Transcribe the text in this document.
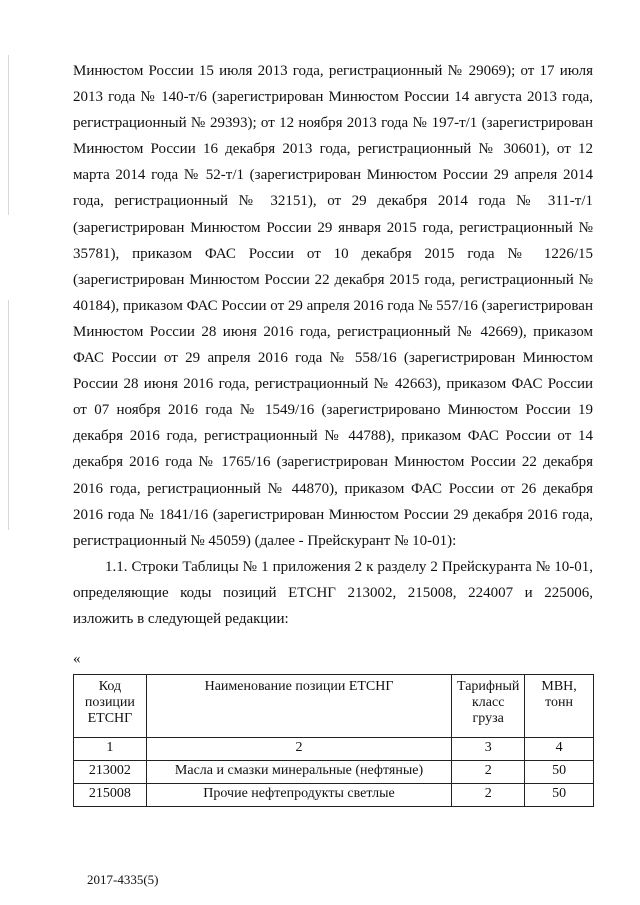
Минюстом России 15 июля 2013 года, регистрационный № 29069); от 17 июля 2013 года № 140-т/6 (зарегистрирован Минюстом России 14 августа 2013 года, регистрационный № 29393); от 12 ноября 2013 года № 197-т/1 (зарегистрирован Минюстом России 16 декабря 2013 года, регистрационный № 30601), от 12 марта 2014 года № 52-т/1 (зарегистрирован Минюстом России 29 апреля 2014 года, регистрационный № 32151), от 29 декабря 2014 года № 311-т/1 (зарегистрирован Минюстом России 29 января 2015 года, регистрационный № 35781), приказом ФАС России от 10 декабря 2015 года № 1226/15 (зарегистрирован Минюстом России 22 декабря 2015 года, регистрационный № 40184), приказом ФАС России от 29 апреля 2016 года № 557/16 (зарегистрирован Минюстом России 28 июня 2016 года, регистрационный № 42669), приказом ФАС России от 29 апреля 2016 года № 558/16 (зарегистрирован Минюстом России 28 июня 2016 года, регистрационный № 42663), приказом ФАС России от 07 ноября 2016 года № 1549/16 (зарегистрировано Минюстом России 19 декабря 2016 года, регистрационный № 44788), приказом ФАС России от 14 декабря 2016 года № 1765/16 (зарегистрирован Минюстом России 22 декабря 2016 года, регистрационный № 44870), приказом ФАС России от 26 декабря 2016 года № 1841/16 (зарегистрирован Минюстом России 29 декабря 2016 года, регистрационный № 45059) (далее - Прейскурант № 10-01):

1.1. Строки Таблицы № 1 приложения 2 к разделу 2 Прейскуранта № 10-01, определяющие коды позиций ЕТСНГ 213002, 215008, 224007 и 225006, изложить в следующей редакции:

«
Код позиции ЕТСНГ	Наименование позиции ЕТСНГ	Тарифный класс груза	МВН, тонн
1	2	3	4
213002	Масла и смазки минеральные (нефтяные)	2	50
215008	Прочие нефтепродукты светлые	2	50
2017-4335(5)
